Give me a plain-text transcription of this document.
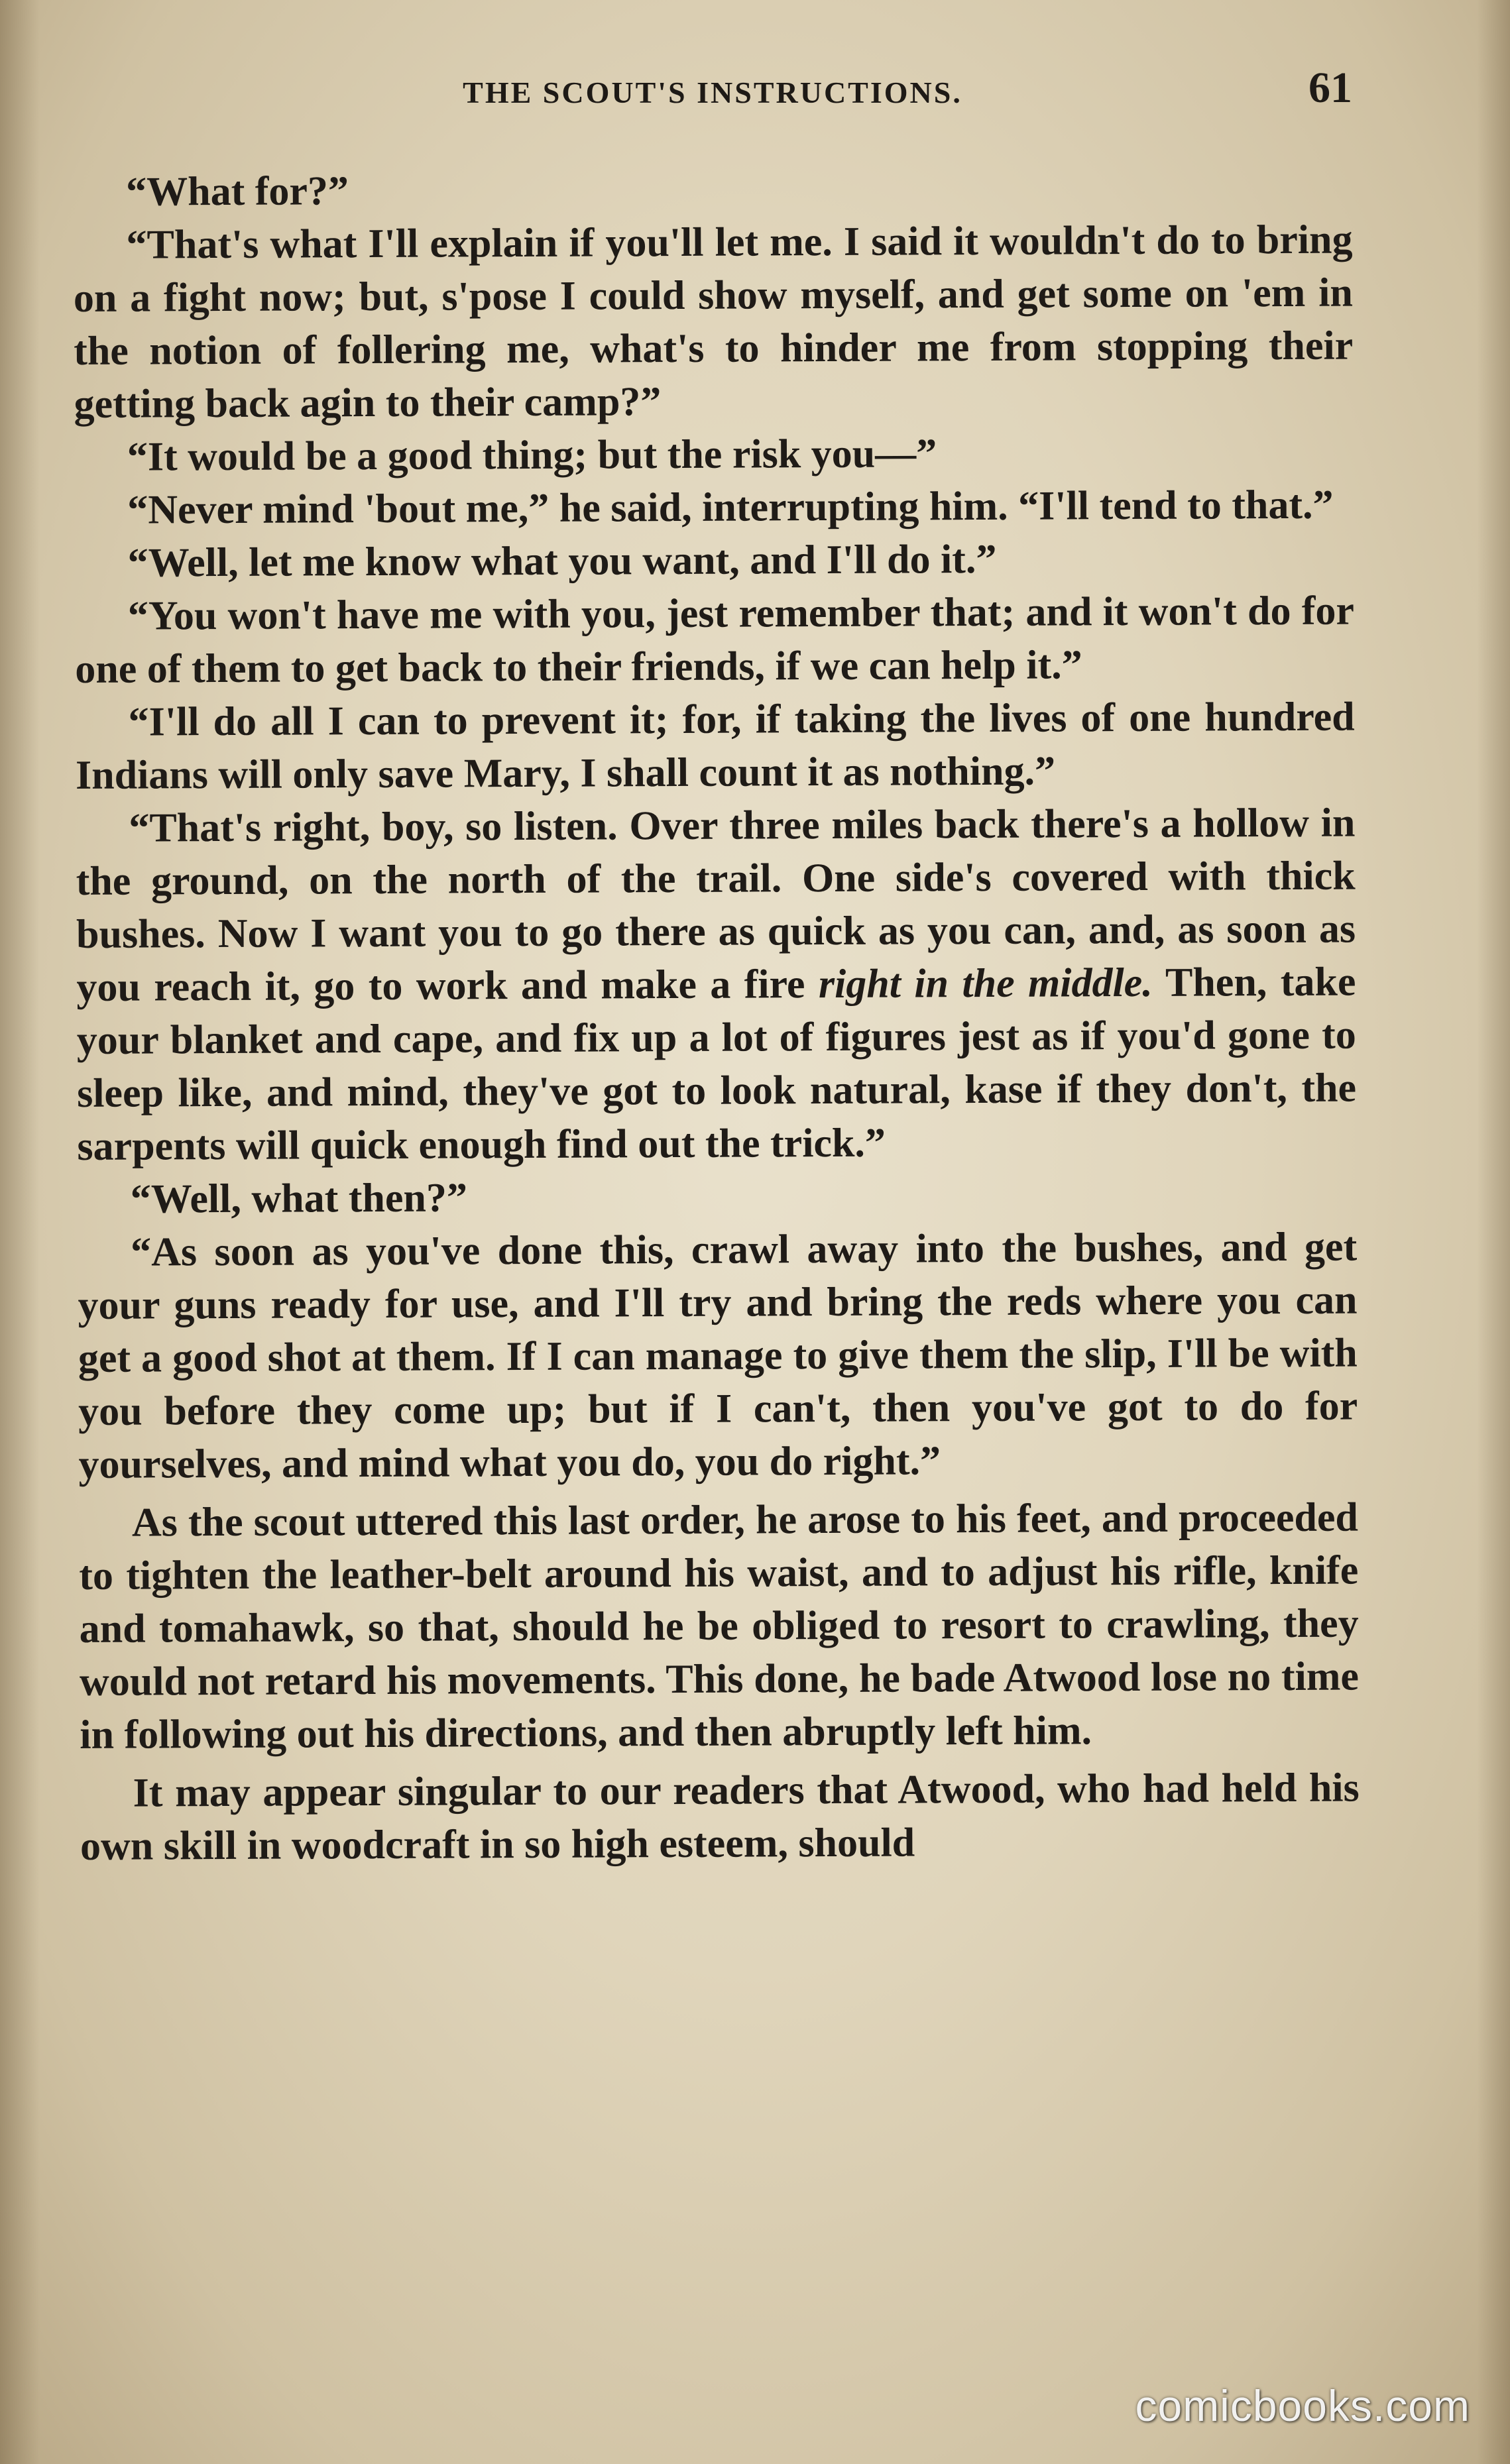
THE SCOUT'S INSTRUCTIONS.	61

“What for?”

“That's what I'll explain if you'll let me. I said it wouldn't do to bring on a fight now; but, s'pose I could show myself, and get some on 'em in the notion of follering me, what's to hinder me from stopping their getting back agin to their camp?”

“It would be a good thing; but the risk you—”

“Never mind 'bout me,” he said, interrupting him. “I'll tend to that.”

“Well, let me know what you want, and I'll do it.”

“You won't have me with you, jest remember that; and it won't do for one of them to get back to their friends, if we can help it.”

“I'll do all I can to prevent it; for, if taking the lives of one hundred Indians will only save Mary, I shall count it as nothing.”

“That's right, boy, so listen. Over three miles back there's a hollow in the ground, on the north of the trail. One side's covered with thick bushes. Now I want you to go there as quick as you can, and, as soon as you reach it, go to work and make a fire right in the middle. Then, take your blanket and cape, and fix up a lot of figures jest as if you'd gone to sleep like, and mind, they've got to look natural, kase if they don't, the sarpents will quick enough find out the trick.”

“Well, what then?”

“As soon as you've done this, crawl away into the bushes, and get your guns ready for use, and I'll try and bring the reds where you can get a good shot at them. If I can manage to give them the slip, I'll be with you before they come up; but if I can't, then you've got to do for yourselves, and mind what you do, you do right.”

As the scout uttered this last order, he arose to his feet, and proceeded to tighten the leather-belt around his waist, and to adjust his rifle, knife and tomahawk, so that, should he be obliged to resort to crawling, they would not retard his movements. This done, he bade Atwood lose no time in following out his directions, and then abruptly left him.

It may appear singular to our readers that Atwood, who had held his own skill in woodcraft in so high esteem, should

comicbooks.com
